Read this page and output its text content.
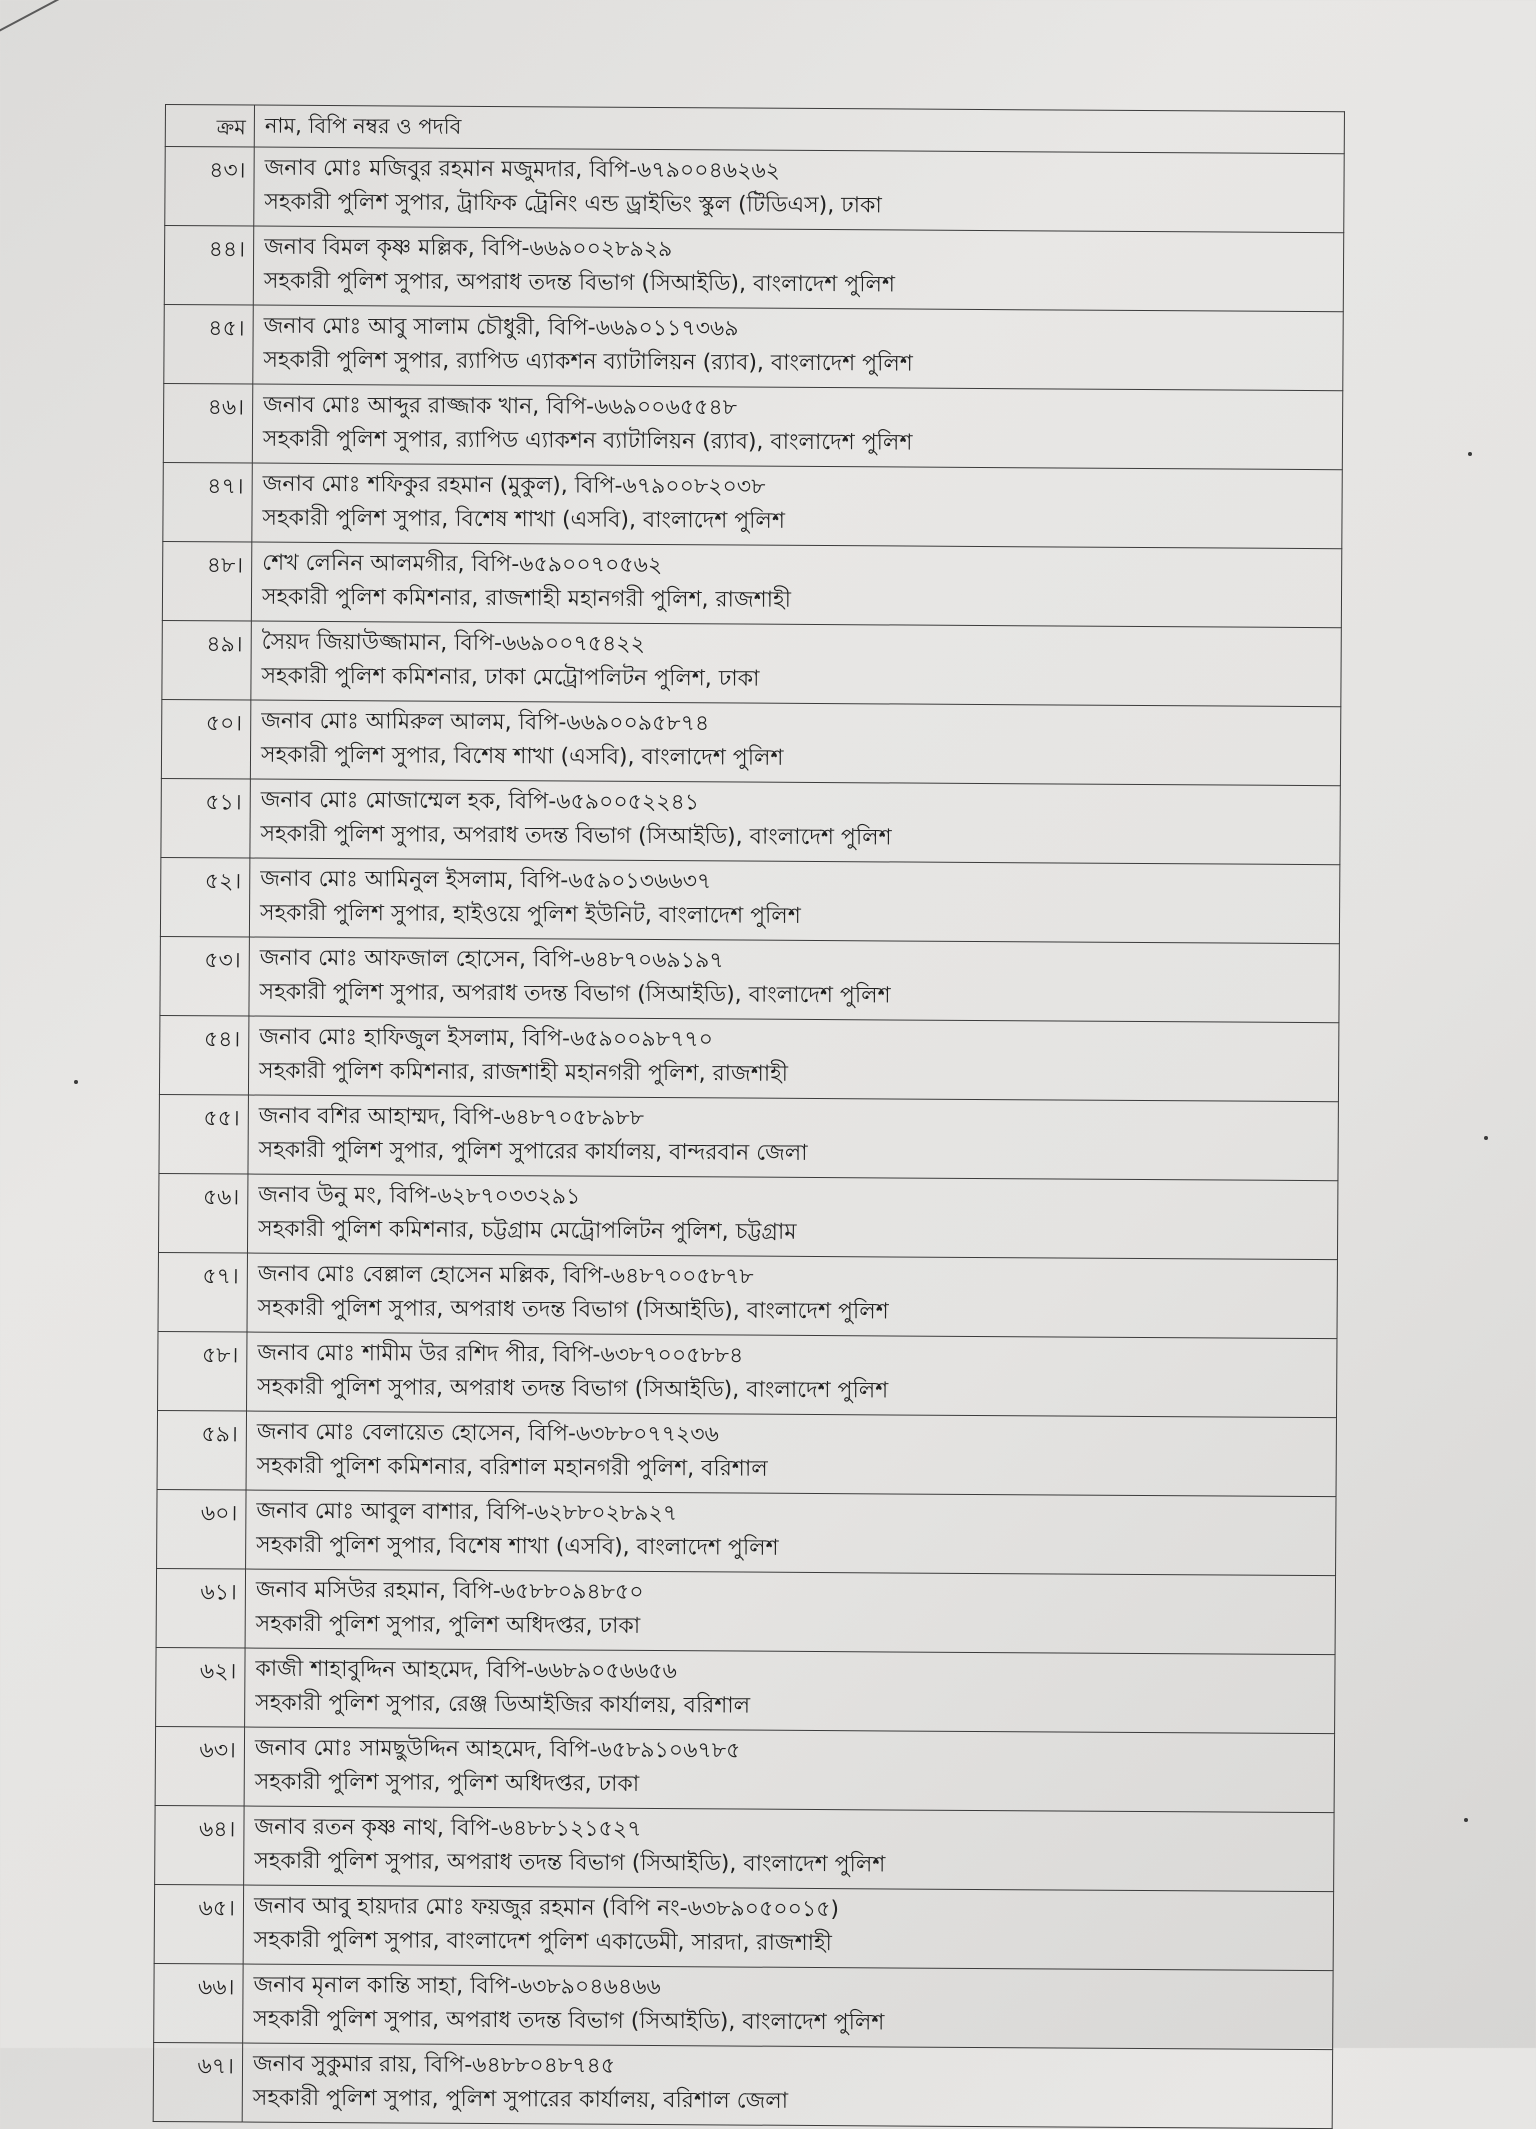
ক্রম	নাম, বিপি নম্বর ও পদবি
৪৩।	জনাব মোঃ মজিবুর রহমান মজুমদার, বিপি-৬৭৯০০৪৬২৬২
সহকারী পুলিশ সুপার, ট্রাফিক ট্রেনিং এন্ড ড্রাইভিং স্কুল (টিডিএস), ঢাকা

৪৪।	জনাব বিমল কৃষ্ণ মল্লিক, বিপি-৬৬৯০০২৮৯২৯
সহকারী পুলিশ সুপার, অপরাধ তদন্ত বিভাগ (সিআইডি), বাংলাদেশ পুলিশ

৪৫।	জনাব মোঃ আবু সালাম চৌধুরী, বিপি-৬৬৯০১১৭৩৬৯
সহকারী পুলিশ সুপার, র‍্যাপিড এ্যাকশন ব্যাটালিয়ন (র‍্যাব), বাংলাদেশ পুলিশ

৪৬।	জনাব মোঃ আব্দুর রাজ্জাক খান, বিপি-৬৬৯০০৬৫৫৪৮
সহকারী পুলিশ সুপার, র‍্যাপিড এ্যাকশন ব্যাটালিয়ন (র‍্যাব), বাংলাদেশ পুলিশ

৪৭।	জনাব মোঃ শফিকুর রহমান (মুকুল), বিপি-৬৭৯০০৮২০৩৮
সহকারী পুলিশ সুপার, বিশেষ শাখা (এসবি), বাংলাদেশ পুলিশ

৪৮।	শেখ লেনিন আলমগীর, বিপি-৬৫৯০০৭০৫৬২
সহকারী পুলিশ কমিশনার, রাজশাহী মহানগরী পুলিশ, রাজশাহী

৪৯।	সৈয়দ জিয়াউজ্জামান, বিপি-৬৬৯০০৭৫৪২২
সহকারী পুলিশ কমিশনার, ঢাকা মেট্রোপলিটন পুলিশ, ঢাকা

৫০।	জনাব মোঃ আমিরুল আলম, বিপি-৬৬৯০০৯৫৮৭৪
সহকারী পুলিশ সুপার, বিশেষ শাখা (এসবি), বাংলাদেশ পুলিশ

৫১।	জনাব মোঃ মোজাম্মেল হক, বিপি-৬৫৯০০৫২২৪১
সহকারী পুলিশ সুপার, অপরাধ তদন্ত বিভাগ (সিআইডি), বাংলাদেশ পুলিশ

৫২।	জনাব মোঃ আমিনুল ইসলাম, বিপি-৬৫৯০১৩৬৬৩৭
সহকারী পুলিশ সুপার, হাইওয়ে পুলিশ ইউনিট, বাংলাদেশ পুলিশ

৫৩।	জনাব মোঃ আফজাল হোসেন, বিপি-৬৪৮৭০৬৯১৯৭
সহকারী পুলিশ সুপার, অপরাধ তদন্ত বিভাগ (সিআইডি), বাংলাদেশ পুলিশ

৫৪।	জনাব মোঃ হাফিজুল ইসলাম, বিপি-৬৫৯০০৯৮৭৭০
সহকারী পুলিশ কমিশনার, রাজশাহী মহানগরী পুলিশ, রাজশাহী

৫৫।	জনাব বশির আহাম্মদ, বিপি-৬৪৮৭০৫৮৯৮৮
সহকারী পুলিশ সুপার, পুলিশ সুপারের কার্যালয়, বান্দরবান জেলা

৫৬।	জনাব উনু মং, বিপি-৬২৮৭০৩৩২৯১
সহকারী পুলিশ কমিশনার, চট্টগ্রাম মেট্রোপলিটন পুলিশ, চট্টগ্রাম

৫৭।	জনাব মোঃ বেল্লাল হোসেন মল্লিক, বিপি-৬৪৮৭০০৫৮৭৮
সহকারী পুলিশ সুপার, অপরাধ তদন্ত বিভাগ (সিআইডি), বাংলাদেশ পুলিশ

৫৮।	জনাব মোঃ শামীম উর রশিদ পীর, বিপি-৬৩৮৭০০৫৮৮৪
সহকারী পুলিশ সুপার, অপরাধ তদন্ত বিভাগ (সিআইডি), বাংলাদেশ পুলিশ

৫৯।	জনাব মোঃ বেলায়েত হোসেন, বিপি-৬৩৮৮০৭৭২৩৬
সহকারী পুলিশ কমিশনার, বরিশাল মহানগরী পুলিশ, বরিশাল

৬০।	জনাব মোঃ আবুল বাশার, বিপি-৬২৮৮০২৮৯২৭
সহকারী পুলিশ সুপার, বিশেষ শাখা (এসবি), বাংলাদেশ পুলিশ

৬১।	জনাব মসিউর রহমান, বিপি-৬৫৮৮০৯৪৮৫০
সহকারী পুলিশ সুপার, পুলিশ অধিদপ্তর, ঢাকা

৬২।	কাজী শাহাবুদ্দিন আহমেদ, বিপি-৬৬৮৯০৫৬৬৫৬
সহকারী পুলিশ সুপার, রেঞ্জ ডিআইজির কার্যালয়, বরিশাল

৬৩।	জনাব মোঃ সামছুউদ্দিন আহমেদ, বিপি-৬৫৮৯১০৬৭৮৫
সহকারী পুলিশ সুপার, পুলিশ অধিদপ্তর, ঢাকা

৬৪।	জনাব রতন কৃষ্ণ নাথ, বিপি-৬৪৮৮১২১৫২৭
সহকারী পুলিশ সুপার, অপরাধ তদন্ত বিভাগ (সিআইডি), বাংলাদেশ পুলিশ

৬৫।	জনাব আবু হায়দার মোঃ ফয়জুর রহমান (বিপি নং-৬৩৮৯০৫০০১৫)
সহকারী পুলিশ সুপার, বাংলাদেশ পুলিশ একাডেমী, সারদা, রাজশাহী

৬৬।	জনাব মৃনাল কান্তি সাহা, বিপি-৬৩৮৯০৪৬৪৬৬
সহকারী পুলিশ সুপার, অপরাধ তদন্ত বিভাগ (সিআইডি), বাংলাদেশ পুলিশ

৬৭।	জনাব সুকুমার রায়, বিপি-৬৪৮৮০৪৮৭৪৫
সহকারী পুলিশ সুপার, পুলিশ সুপারের কার্যালয়, বরিশাল জেলা
